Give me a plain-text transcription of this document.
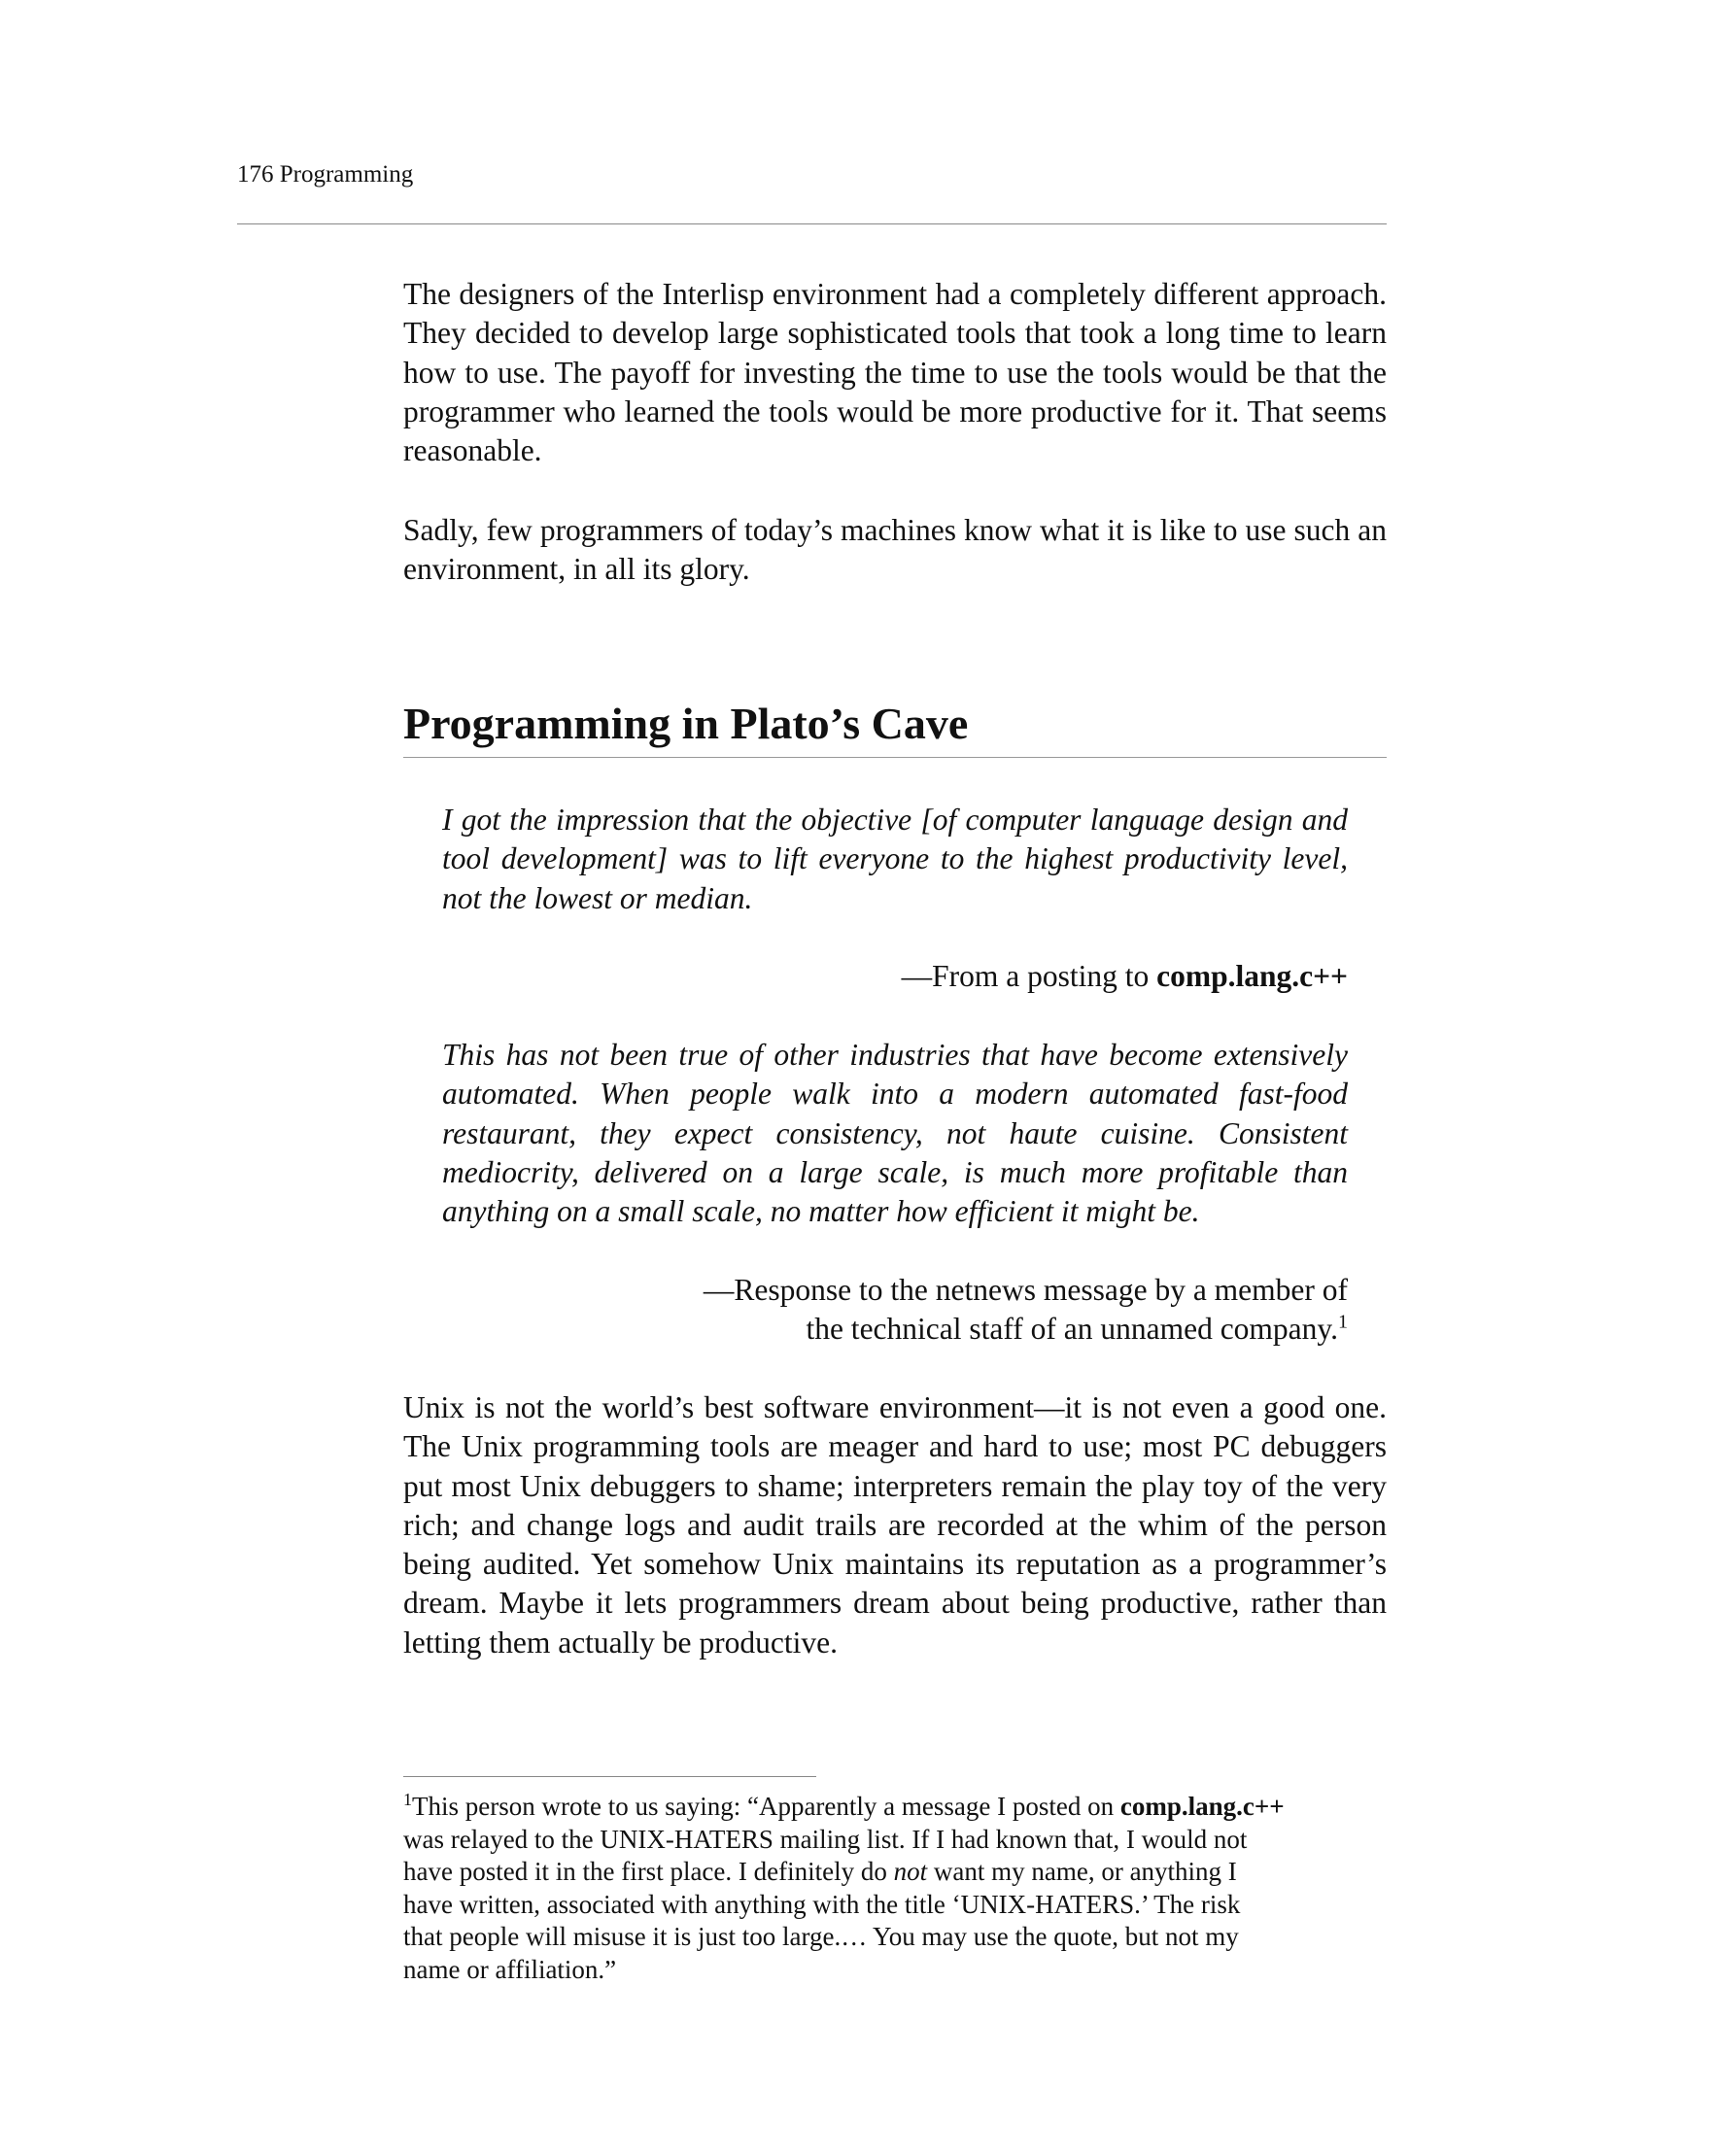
176 Programming

The designers of the Interlisp environment had a completely different approach. They decided to develop large sophisticated tools that took a long time to learn how to use. The payoff for investing the time to use the tools would be that the programmer who learned the tools would be more productive for it. That seems reasonable.

Sadly, few programmers of today’s machines know what it is like to use such an environment, in all its glory.

Programming in Plato’s Cave

I got the impression that the objective [of computer language design and tool development] was to lift everyone to the highest productivity level, not the lowest or median.

—From a posting to comp.lang.c++

This has not been true of other industries that have become extensively automated. When people walk into a modern automated fast-food restaurant, they expect consistency, not haute cuisine. Consistent mediocrity, delivered on a large scale, is much more profitable than anything on a small scale, no matter how efficient it might be.

—Response to the netnews message by a member of
the technical staff of an unnamed company.$^1$

Unix is not the world’s best software environment—it is not even a good one. The Unix programming tools are meager and hard to use; most PC debuggers put most Unix debuggers to shame; interpreters remain the play toy of the very rich; and change logs and audit trails are recorded at the whim of the person being audited. Yet somehow Unix maintains its reputation as a programmer’s dream. Maybe it lets programmers dream about being productive, rather than letting them actually be productive.

$^1$This person wrote to us saying: “Apparently a message I posted on comp.lang.c++
was relayed to the UNIX-HATERS mailing list. If I had known that, I would not
have posted it in the first place. I definitely do not want my name, or anything I
have written, associated with anything with the title ‘UNIX-HATERS.’ The risk
that people will misuse it is just too large.… You may use the quote, but not my
name or affiliation.”
